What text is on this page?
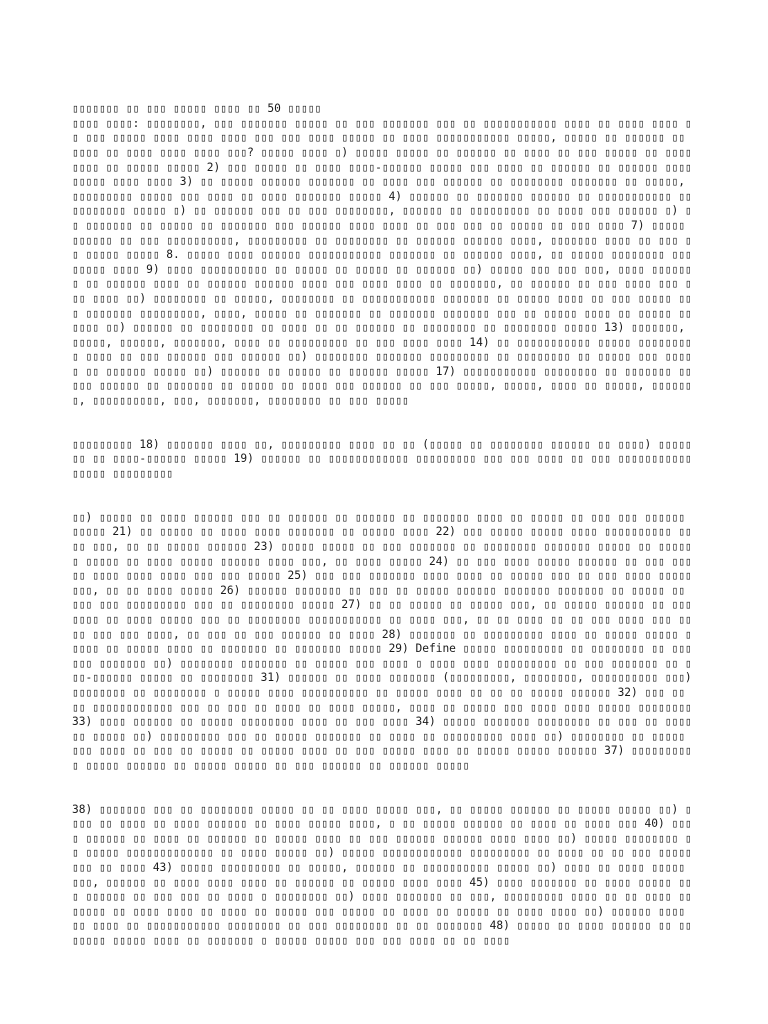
▯▯▯▯▯▯▯ ▯▯ ▯▯▯ ▯▯▯▯▯ ▯▯▯▯ ▯▯ 50 ▯▯▯▯▯
▯▯▯▯ ▯▯▯▯: ▯▯▯▯▯▯▯▯, ▯▯▯ ▯▯▯▯▯▯▯ ▯▯▯▯▯ ▯▯ ▯▯▯ ▯▯▯▯▯▯▯ ▯▯▯ ▯▯ ▯▯▯▯▯▯▯▯▯▯▯ ▯▯▯▯ ▯▯ ▯▯▯▯ ▯▯▯▯ ▯▯ ▯▯▯ ▯▯▯▯▯ ▯▯▯▯ ▯▯▯▯ ▯▯▯▯ ▯▯▯ ▯▯▯ ▯▯▯▯ ▯▯▯▯▯ ▯▯ ▯▯▯▯ ▯▯▯▯▯▯▯▯▯▯▯ ▯▯▯▯▯, ▯▯▯▯▯ ▯▯ ▯▯▯▯▯▯ ▯▯ ▯▯▯▯ ▯▯ ▯▯▯▯ ▯▯▯▯ ▯▯▯▯ ▯▯▯? ▯▯▯▯▯ ▯▯▯▯ ▯) ▯▯▯▯▯ ▯▯▯▯▯ ▯▯ ▯▯▯▯▯▯ ▯▯ ▯▯▯▯ ▯▯ ▯▯▯ ▯▯▯▯▯ ▯▯ ▯▯▯▯▯▯▯▯ ▯▯ ▯▯▯▯▯ ▯▯▯▯▯ 2) ▯▯▯ ▯▯▯▯▯ ▯▯ ▯▯▯▯ ▯▯▯▯-▯▯▯▯▯▯ ▯▯▯▯▯ ▯▯▯ ▯▯▯▯ ▯▯ ▯▯▯▯▯▯ ▯▯ ▯▯▯▯▯▯ ▯▯▯▯ ▯▯▯▯▯ ▯▯▯▯ ▯▯▯▯ 3) ▯▯ ▯▯▯▯▯ ▯▯▯▯▯▯ ▯▯▯▯▯▯▯ ▯▯ ▯▯▯▯ ▯▯▯ ▯▯▯▯▯▯ ▯▯ ▯▯▯▯▯▯▯▯ ▯▯▯▯▯▯▯ ▯▯ ▯▯▯▯▯, ▯▯▯▯▯▯▯▯▯ ▯▯▯▯▯ ▯▯▯ ▯▯▯▯ ▯▯ ▯▯▯▯ ▯▯▯▯▯▯▯ ▯▯▯▯▯ 4) ▯▯▯▯▯▯ ▯▯ ▯▯▯▯▯▯▯ ▯▯▯▯▯▯ ▯▯ ▯▯▯▯▯▯▯▯▯▯▯ ▯▯ ▯▯▯▯▯▯▯▯ ▯▯▯▯▯ ▯) ▯▯ ▯▯▯▯▯▯ ▯▯▯ ▯▯ ▯▯▯ ▯▯▯▯▯▯▯▯, ▯▯▯▯▯▯ ▯▯ ▯▯▯▯▯▯▯▯▯ ▯▯ ▯▯▯▯ ▯▯▯ ▯▯▯▯▯▯ ▯) ▯▯ ▯▯▯▯▯▯▯ ▯▯ ▯▯▯▯▯ ▯▯ ▯▯▯▯▯▯▯ ▯▯▯ ▯▯▯▯▯▯ ▯▯▯▯ ▯▯▯▯ ▯▯ ▯▯▯ ▯▯▯ ▯▯ ▯▯▯▯▯ ▯▯ ▯▯▯ ▯▯▯▯ 7) ▯▯▯▯▯ ▯▯▯▯▯▯ ▯▯ ▯▯▯ ▯▯▯▯▯▯▯▯▯▯, ▯▯▯▯▯▯▯▯▯ ▯▯ ▯▯▯▯▯▯▯▯ ▯▯ ▯▯▯▯▯▯ ▯▯▯▯▯▯ ▯▯▯▯, ▯▯▯▯▯▯▯ ▯▯▯▯ ▯▯ ▯▯▯ ▯▯ ▯▯▯▯▯ ▯▯▯▯▯ 8. ▯▯▯▯▯ ▯▯▯▯ ▯▯▯▯▯▯ ▯▯▯▯▯▯▯▯▯▯▯ ▯▯▯▯▯▯▯ ▯▯ ▯▯▯▯▯▯ ▯▯▯▯, ▯▯ ▯▯▯▯▯ ▯▯▯▯▯▯▯▯ ▯▯▯▯▯▯▯▯ ▯▯▯▯ 9) ▯▯▯▯ ▯▯▯▯▯▯▯▯▯▯ ▯▯ ▯▯▯▯▯ ▯▯ ▯▯▯▯▯ ▯▯ ▯▯▯▯▯▯ ▯▯) ▯▯▯▯▯ ▯▯▯ ▯▯▯ ▯▯▯, ▯▯▯▯ ▯▯▯▯▯▯▯ ▯▯ ▯▯▯▯▯▯ ▯▯▯▯ ▯▯ ▯▯▯▯▯▯ ▯▯▯▯▯▯ ▯▯▯▯ ▯▯▯ ▯▯▯▯ ▯▯▯▯ ▯▯ ▯▯▯▯▯▯▯, ▯▯ ▯▯▯▯▯▯ ▯▯ ▯▯▯ ▯▯▯▯ ▯▯▯ ▯▯▯ ▯▯▯▯ ▯▯) ▯▯▯▯▯▯▯▯ ▯▯ ▯▯▯▯▯, ▯▯▯▯▯▯▯▯ ▯▯ ▯▯▯▯▯▯▯▯▯▯▯ ▯▯▯▯▯▯▯ ▯▯ ▯▯▯▯▯ ▯▯▯▯ ▯▯ ▯▯▯ ▯▯▯▯▯ ▯▯▯ ▯▯▯▯▯▯▯ ▯▯▯▯▯▯▯▯▯, ▯▯▯▯, ▯▯▯▯▯ ▯▯ ▯▯▯▯▯▯▯ ▯▯ ▯▯▯▯▯▯▯ ▯▯▯▯▯▯▯ ▯▯▯ ▯▯ ▯▯▯▯▯ ▯▯▯▯ ▯▯ ▯▯▯▯▯ ▯▯▯▯▯▯ ▯▯) ▯▯▯▯▯▯ ▯▯ ▯▯▯▯▯▯▯▯ ▯▯ ▯▯▯▯ ▯▯ ▯▯ ▯▯▯▯▯▯ ▯▯ ▯▯▯▯▯▯▯▯ ▯▯ ▯▯▯▯▯▯▯▯ ▯▯▯▯▯ 13) ▯▯▯▯▯▯▯, ▯▯▯▯▯, ▯▯▯▯▯▯, ▯▯▯▯▯▯▯, ▯▯▯▯ ▯▯ ▯▯▯▯▯▯▯▯▯ ▯▯ ▯▯▯ ▯▯▯▯ ▯▯▯▯ 14) ▯▯ ▯▯▯▯▯▯▯▯▯▯▯ ▯▯▯▯▯ ▯▯▯▯▯▯▯▯▯ ▯▯▯▯ ▯▯ ▯▯▯ ▯▯▯▯▯▯ ▯▯▯ ▯▯▯▯▯▯ ▯▯) ▯▯▯▯▯▯▯▯ ▯▯▯▯▯▯▯ ▯▯▯▯▯▯▯▯▯ ▯▯ ▯▯▯▯▯▯▯▯ ▯▯ ▯▯▯▯▯ ▯▯▯ ▯▯▯▯▯ ▯▯ ▯▯▯▯▯▯ ▯▯▯▯▯ ▯▯) ▯▯▯▯▯▯ ▯▯ ▯▯▯▯▯ ▯▯ ▯▯▯▯▯▯ ▯▯▯▯▯ 17) ▯▯▯▯▯▯▯▯▯▯▯ ▯▯▯▯▯▯▯▯ ▯▯ ▯▯▯▯▯▯▯ ▯▯▯▯▯ ▯▯▯▯▯▯ ▯▯ ▯▯▯▯▯▯▯ ▯▯ ▯▯▯▯▯ ▯▯ ▯▯▯▯ ▯▯▯ ▯▯▯▯▯▯ ▯▯ ▯▯▯ ▯▯▯▯▯, ▯▯▯▯▯, ▯▯▯▯ ▯▯ ▯▯▯▯▯, ▯▯▯▯▯▯▯, ▯▯▯▯▯▯▯▯▯▯, ▯▯▯, ▯▯▯▯▯▯▯, ▯▯▯▯▯▯▯▯ ▯▯ ▯▯▯ ▯▯▯▯▯

▯▯▯▯▯▯▯▯▯ 18) ▯▯▯▯▯▯▯ ▯▯▯▯ ▯▯, ▯▯▯▯▯▯▯▯▯ ▯▯▯▯ ▯▯ ▯▯ (▯▯▯▯▯ ▯▯ ▯▯▯▯▯▯▯▯ ▯▯▯▯▯▯ ▯▯ ▯▯▯▯) ▯▯▯▯▯▯▯ ▯▯ ▯▯▯▯-▯▯▯▯▯▯ ▯▯▯▯▯ 19) ▯▯▯▯▯▯ ▯▯ ▯▯▯▯▯▯▯▯▯▯▯▯ ▯▯▯▯▯▯▯▯▯ ▯▯▯ ▯▯▯ ▯▯▯▯ ▯▯ ▯▯▯ ▯▯▯▯▯▯▯▯▯▯▯ ▯▯▯▯▯ ▯▯▯▯▯▯▯▯▯

▯▯) ▯▯▯▯▯ ▯▯ ▯▯▯▯ ▯▯▯▯▯▯ ▯▯▯ ▯▯ ▯▯▯▯▯▯ ▯▯ ▯▯▯▯▯▯ ▯▯ ▯▯▯▯▯▯▯ ▯▯▯▯ ▯▯ ▯▯▯▯▯ ▯▯ ▯▯▯ ▯▯▯ ▯▯▯▯▯▯ ▯▯▯▯▯ 21) ▯▯ ▯▯▯▯▯ ▯▯ ▯▯▯▯ ▯▯▯▯ ▯▯▯▯▯▯▯ ▯▯ ▯▯▯▯▯ ▯▯▯▯ 22) ▯▯▯ ▯▯▯▯▯ ▯▯▯▯▯ ▯▯▯▯ ▯▯▯▯▯▯▯▯▯▯ ▯▯▯▯ ▯▯▯, ▯▯ ▯▯ ▯▯▯▯▯ ▯▯▯▯▯▯ 23) ▯▯▯▯▯ ▯▯▯▯▯ ▯▯ ▯▯▯ ▯▯▯▯▯▯▯ ▯▯ ▯▯▯▯▯▯▯▯ ▯▯▯▯▯▯▯ ▯▯▯▯▯ ▯▯ ▯▯▯▯▯▯ ▯▯▯▯▯ ▯▯ ▯▯▯▯ ▯▯▯▯▯ ▯▯▯▯▯▯ ▯▯▯▯ ▯▯▯, ▯▯ ▯▯▯▯ ▯▯▯▯▯ 24) ▯▯ ▯▯▯ ▯▯▯▯ ▯▯▯▯▯ ▯▯▯▯▯▯ ▯▯ ▯▯▯ ▯▯▯ ▯▯ ▯▯▯▯ ▯▯▯▯ ▯▯▯▯ ▯▯▯ ▯▯▯ ▯▯▯▯▯ 25) ▯▯▯ ▯▯▯ ▯▯▯▯▯▯▯ ▯▯▯▯ ▯▯▯▯ ▯▯ ▯▯▯▯▯ ▯▯▯ ▯▯ ▯▯▯ ▯▯▯▯ ▯▯▯▯▯ ▯▯▯, ▯▯ ▯▯ ▯▯▯▯ ▯▯▯▯▯ 26) ▯▯▯▯▯▯ ▯▯▯▯▯▯▯ ▯▯ ▯▯▯ ▯▯ ▯▯▯▯▯ ▯▯▯▯▯▯ ▯▯▯▯▯▯▯ ▯▯▯▯▯▯▯ ▯▯ ▯▯▯▯▯ ▯▯ ▯▯▯ ▯▯▯ ▯▯▯▯▯▯▯▯▯ ▯▯▯ ▯▯ ▯▯▯▯▯▯▯▯ ▯▯▯▯▯ 27) ▯▯ ▯▯ ▯▯▯▯▯ ▯▯ ▯▯▯▯▯ ▯▯▯, ▯▯ ▯▯▯▯▯ ▯▯▯▯▯▯ ▯▯ ▯▯▯▯▯▯▯ ▯▯ ▯▯▯▯ ▯▯▯▯▯ ▯▯▯ ▯▯ ▯▯▯▯▯▯▯▯ ▯▯▯▯▯▯▯▯▯▯▯ ▯▯ ▯▯▯▯ ▯▯▯, ▯▯ ▯▯ ▯▯▯▯ ▯▯ ▯▯ ▯▯▯ ▯▯▯▯ ▯▯▯ ▯▯▯▯ ▯▯▯ ▯▯▯ ▯▯▯▯, ▯▯ ▯▯▯ ▯▯ ▯▯▯ ▯▯▯▯▯▯ ▯▯ ▯▯▯▯ 28) ▯▯▯▯▯▯▯ ▯▯ ▯▯▯▯▯▯▯▯▯ ▯▯▯▯ ▯▯ ▯▯▯▯▯ ▯▯▯▯▯ ▯▯▯▯▯ ▯▯ ▯▯▯▯▯ ▯▯▯▯ ▯▯ ▯▯▯▯▯▯▯ ▯▯ ▯▯▯▯▯▯▯ ▯▯▯▯▯ 29) Define ▯▯▯▯▯ ▯▯▯▯▯▯▯▯▯ ▯▯ ▯▯▯▯▯▯▯▯ ▯▯ ▯▯▯▯▯▯ ▯▯▯▯▯▯▯ ▯▯) ▯▯▯▯▯▯▯▯ ▯▯▯▯▯▯▯ ▯▯ ▯▯▯▯▯ ▯▯▯ ▯▯▯▯ ▯ ▯▯▯▯ ▯▯▯▯ ▯▯▯▯▯▯▯▯▯ ▯▯ ▯▯▯ ▯▯▯▯▯▯▯ ▯▯ ▯▯▯-▯▯▯▯▯▯ ▯▯▯▯▯ ▯▯ ▯▯▯▯▯▯▯▯ 31) ▯▯▯▯▯▯ ▯▯ ▯▯▯▯ ▯▯▯▯▯▯▯ (▯▯▯▯▯▯▯▯▯, ▯▯▯▯▯▯▯▯, ▯▯▯▯▯▯▯▯▯▯ ▯▯▯) ▯▯▯▯▯▯▯▯ ▯▯ ▯▯▯▯▯▯▯▯ ▯ ▯▯▯▯▯ ▯▯▯▯ ▯▯▯▯▯▯▯▯▯▯ ▯▯ ▯▯▯▯▯ ▯▯▯▯ ▯▯ ▯▯ ▯▯ ▯▯▯▯▯ ▯▯▯▯▯▯ 32) ▯▯▯ ▯▯ ▯▯ ▯▯▯▯▯▯▯▯▯▯▯▯ ▯▯▯ ▯▯ ▯▯▯ ▯▯ ▯▯▯▯ ▯▯ ▯▯▯▯ ▯▯▯▯▯, ▯▯▯▯ ▯▯ ▯▯▯▯▯ ▯▯▯ ▯▯▯▯ ▯▯▯▯ ▯▯▯▯▯ ▯▯▯▯▯▯▯▯ 33) ▯▯▯▯ ▯▯▯▯▯▯ ▯▯ ▯▯▯▯▯ ▯▯▯▯▯▯▯▯ ▯▯▯▯ ▯▯ ▯▯▯ ▯▯▯▯ 34) ▯▯▯▯▯ ▯▯▯▯▯▯▯ ▯▯▯▯▯▯▯▯ ▯▯ ▯▯▯ ▯▯ ▯▯▯▯▯▯ ▯▯▯▯▯ ▯▯) ▯▯▯▯▯▯▯▯▯ ▯▯▯ ▯▯ ▯▯▯▯▯ ▯▯▯▯▯▯▯ ▯▯ ▯▯▯▯ ▯▯ ▯▯▯▯▯▯▯▯▯ ▯▯▯▯ ▯▯) ▯▯▯▯▯▯▯▯ ▯▯ ▯▯▯▯▯ ▯▯▯ ▯▯▯▯ ▯▯ ▯▯▯ ▯▯ ▯▯▯▯▯ ▯▯ ▯▯▯▯▯ ▯▯▯▯ ▯▯ ▯▯▯ ▯▯▯▯▯ ▯▯▯▯ ▯▯ ▯▯▯▯▯ ▯▯▯▯▯ ▯▯▯▯▯▯ 37) ▯▯▯▯▯▯▯▯▯▯ ▯▯▯▯▯ ▯▯▯▯▯▯ ▯▯ ▯▯▯▯▯ ▯▯▯▯▯ ▯▯ ▯▯▯ ▯▯▯▯▯▯ ▯▯ ▯▯▯▯▯▯ ▯▯▯▯▯

38) ▯▯▯▯▯▯▯ ▯▯▯ ▯▯ ▯▯▯▯▯▯▯▯ ▯▯▯▯▯ ▯▯ ▯▯ ▯▯▯▯ ▯▯▯▯▯ ▯▯▯, ▯▯ ▯▯▯▯▯ ▯▯▯▯▯▯ ▯▯ ▯▯▯▯▯ ▯▯▯▯▯ ▯▯) ▯▯▯▯ ▯▯ ▯▯▯▯ ▯▯ ▯▯▯▯ ▯▯▯▯▯▯ ▯▯ ▯▯▯▯ ▯▯▯▯▯ ▯▯▯▯, ▯ ▯▯ ▯▯▯▯▯ ▯▯▯▯▯▯ ▯▯ ▯▯▯▯ ▯▯ ▯▯▯▯ ▯▯▯ 40) ▯▯▯▯ ▯▯▯▯▯▯ ▯▯ ▯▯▯▯ ▯▯ ▯▯▯▯▯▯ ▯▯ ▯▯▯▯▯ ▯▯▯▯ ▯▯ ▯▯▯ ▯▯▯▯▯▯ ▯▯▯▯▯▯ ▯▯▯▯ ▯▯▯▯ ▯▯) ▯▯▯▯▯ ▯▯▯▯▯▯▯▯ ▯▯ ▯▯▯▯▯ ▯▯▯▯▯▯▯▯▯▯▯▯▯ ▯▯ ▯▯▯▯ ▯▯▯▯▯ ▯▯) ▯▯▯▯▯ ▯▯▯▯▯▯▯▯▯▯▯▯ ▯▯▯▯▯▯▯▯▯ ▯▯ ▯▯▯▯ ▯▯ ▯▯ ▯▯▯ ▯▯▯▯▯▯▯▯ ▯▯ ▯▯▯▯ 43) ▯▯▯▯▯ ▯▯▯▯▯▯▯▯▯ ▯▯ ▯▯▯▯▯, ▯▯▯▯▯▯ ▯▯ ▯▯▯▯▯▯▯▯▯▯ ▯▯▯▯▯ ▯▯) ▯▯▯▯ ▯▯ ▯▯▯▯ ▯▯▯▯▯ ▯▯▯, ▯▯▯▯▯▯ ▯▯ ▯▯▯▯ ▯▯▯▯ ▯▯▯▯ ▯▯ ▯▯▯▯▯▯ ▯▯ ▯▯▯▯▯ ▯▯▯▯ ▯▯▯▯ 45) ▯▯▯▯ ▯▯▯▯▯▯▯ ▯▯ ▯▯▯▯ ▯▯▯▯▯ ▯▯▯ ▯▯▯▯▯▯ ▯▯ ▯▯▯ ▯▯▯ ▯▯ ▯▯▯▯ ▯ ▯▯▯▯▯▯▯▯ ▯▯) ▯▯▯▯ ▯▯▯▯▯▯▯ ▯▯ ▯▯▯, ▯▯▯▯▯▯▯▯▯ ▯▯▯▯ ▯▯ ▯▯ ▯▯▯▯ ▯▯▯▯▯▯▯ ▯▯ ▯▯▯▯ ▯▯▯▯ ▯▯ ▯▯▯▯ ▯▯ ▯▯▯▯▯ ▯▯▯ ▯▯▯▯▯ ▯▯ ▯▯▯▯ ▯▯ ▯▯▯▯▯ ▯▯ ▯▯▯▯ ▯▯▯▯ ▯▯) ▯▯▯▯▯▯ ▯▯▯▯ ▯▯ ▯▯▯▯ ▯▯ ▯▯▯▯▯▯▯▯▯▯▯ ▯▯▯▯▯▯▯▯ ▯▯ ▯▯▯ ▯▯▯▯▯▯▯▯ ▯▯ ▯▯ ▯▯▯▯▯▯▯ 48) ▯▯▯▯▯ ▯▯ ▯▯▯▯ ▯▯▯▯▯▯ ▯▯ ▯▯▯▯▯▯▯ ▯▯▯▯▯ ▯▯▯▯ ▯▯ ▯▯▯▯▯▯▯ ▯ ▯▯▯▯▯ ▯▯▯▯▯ ▯▯▯ ▯▯▯ ▯▯▯▯ ▯▯ ▯▯ ▯▯▯▯
